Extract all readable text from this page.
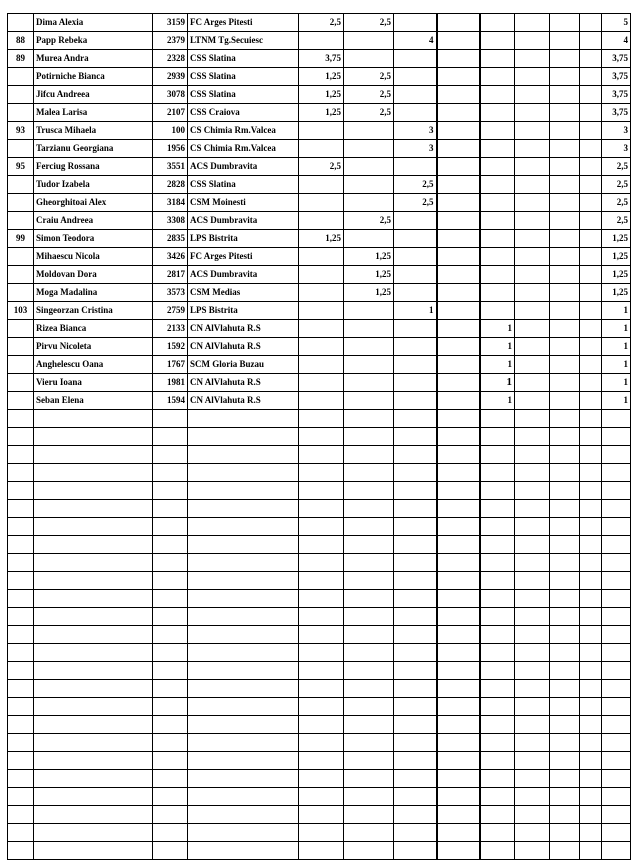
	Dima Alexia	3159	FC Arges Pitesti	2,5	2,5							5
88	Papp Rebeka	2379	LTNM Tg.Secuiesc			4						4
89	Murea Andra	2328	CSS Slatina	3,75								3,75
	Potirniche Bianca	2939	CSS Slatina	1,25	2,5							3,75
	Jifcu Andreea	3078	CSS Slatina	1,25	2,5							3,75
	Malea Larisa	2107	CSS Craiova	1,25	2,5							3,75
93	Trusca Mihaela	100	CS Chimia Rm.Valcea			3						3
	Tarzianu Georgiana	1956	CS Chimia Rm.Valcea			3						3
95	Ferciug Rossana	3551	ACS Dumbravita	2,5								2,5
	Tudor Izabela	2828	CSS Slatina			2,5						2,5
	Gheorghitoai Alex	3184	CSM Moinesti			2,5						2,5
	Craiu Andreea	3308	ACS Dumbravita		2,5							2,5
99	Simon Teodora	2835	LPS Bistrita	1,25								1,25
	Mihaescu Nicola	3426	FC Arges Pitesti		1,25							1,25
	Moldovan Dora	2817	ACS Dumbravita		1,25							1,25
	Moga Madalina	3573	CSM Medias		1,25							1,25
103	Singeorzan Cristina	2759	LPS Bistrita			1						1
	Rizea Bianca	2133	CN AlVlahuta R.S					1				1
	Pirvu Nicoleta	1592	CN AlVlahuta R.S					1				1
	Anghelescu Oana	1767	SCM Gloria Buzau					1				1
	Vieru Ioana	1981	CN AlVlahuta R.S					1				1
	Seban Elena	1594	CN AlVlahuta R.S					1				1
